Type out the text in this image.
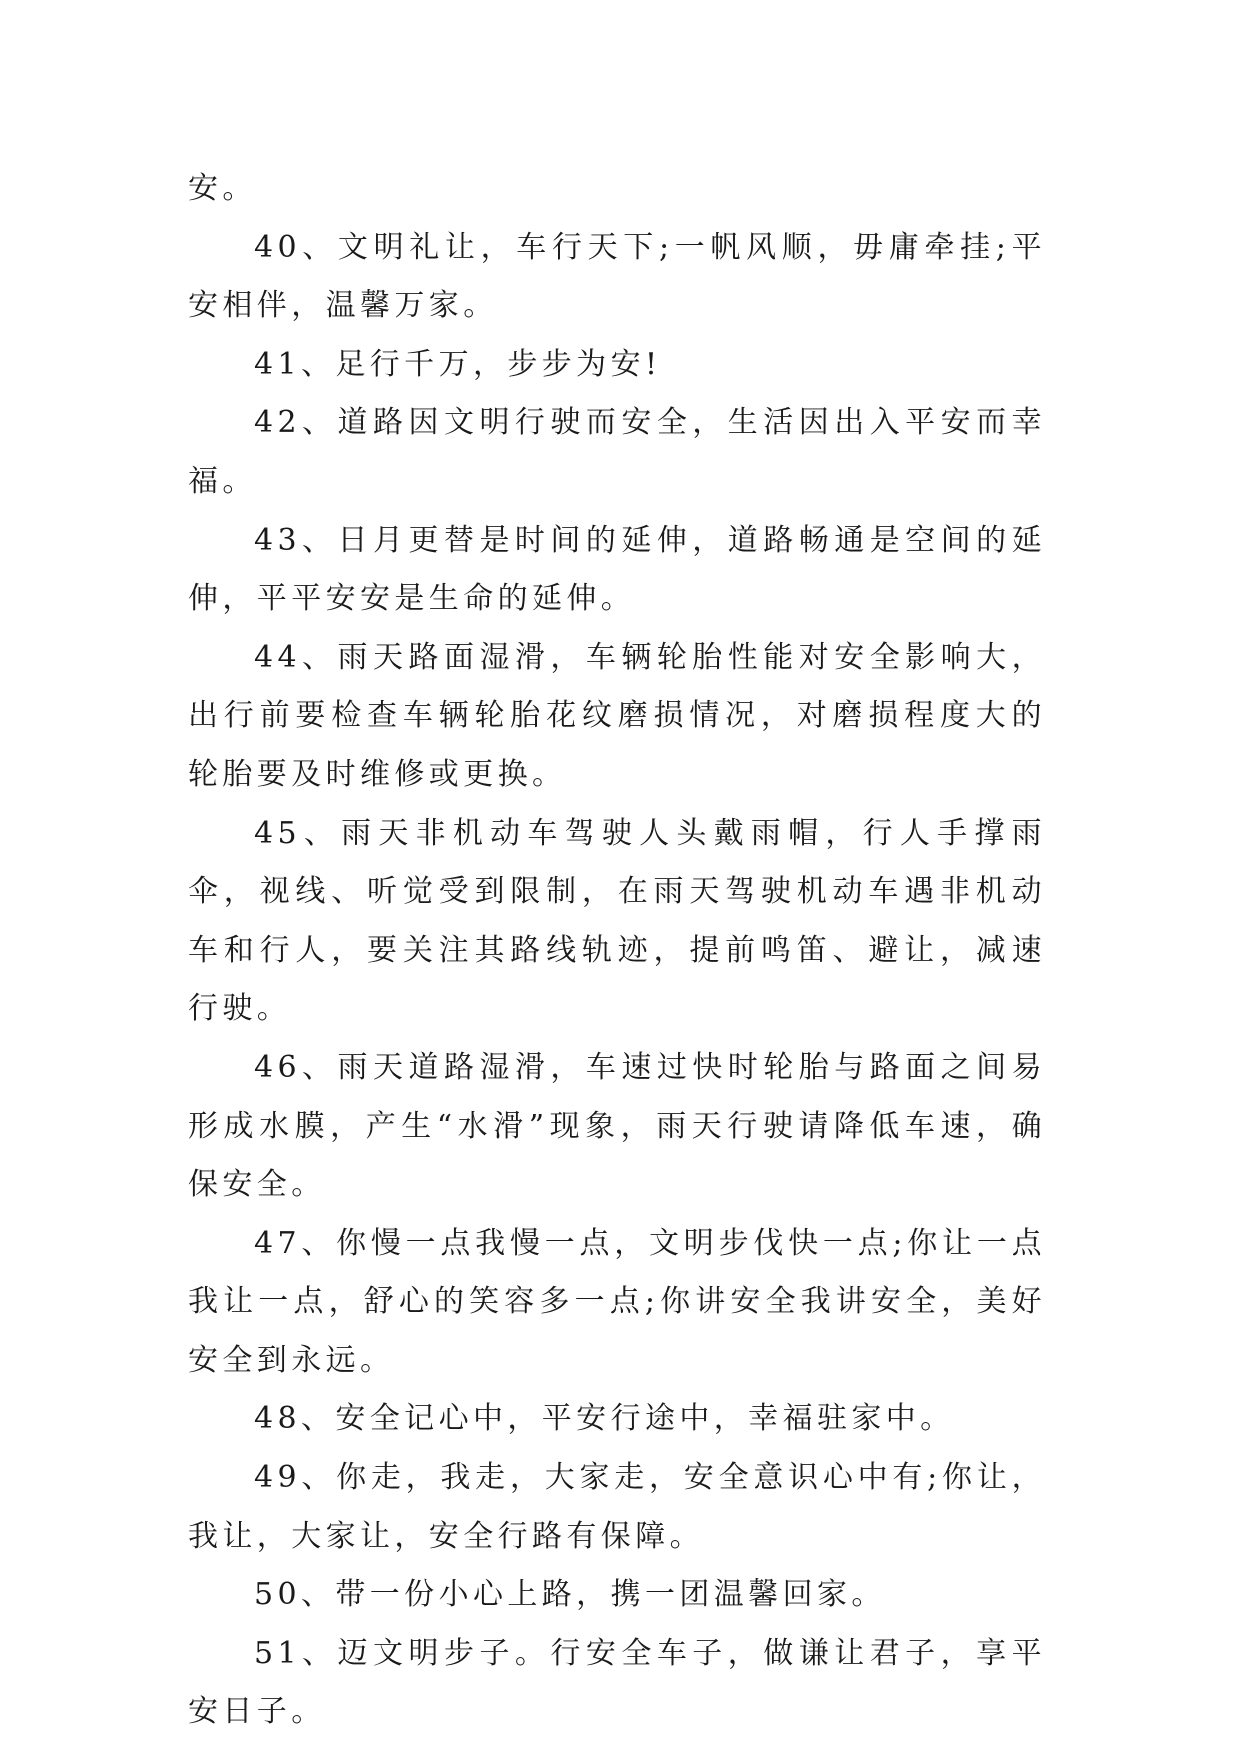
安。

40、文明礼让，车行天下;一帆风顺，毋庸牵挂;平安相伴，温馨万家。

41、足行千万，步步为安!

42、道路因文明行驶而安全，生活因出入平安而幸福。

43、日月更替是时间的延伸，道路畅通是空间的延伸，平平安安是生命的延伸。

44、雨天路面湿滑，车辆轮胎性能对安全影响大，出行前要检查车辆轮胎花纹磨损情况，对磨损程度大的轮胎要及时维修或更换。

45、雨天非机动车驾驶人头戴雨帽，行人手撑雨伞，视线、听觉受到限制，在雨天驾驶机动车遇非机动车和行人，要关注其路线轨迹，提前鸣笛、避让，减速行驶。

46、雨天道路湿滑，车速过快时轮胎与路面之间易形成水膜，产生“水滑”现象，雨天行驶请降低车速，确保安全。

47、你慢一点我慢一点，文明步伐快一点;你让一点我让一点，舒心的笑容多一点;你讲安全我讲安全，美好安全到永远。

48、安全记心中，平安行途中，幸福驻家中。

49、你走，我走，大家走，安全意识心中有;你让，我让，大家让，安全行路有保障。

50、带一份小心上路，携一团温馨回家。

51、迈文明步子。行安全车子，做谦让君子，享平安日子。
